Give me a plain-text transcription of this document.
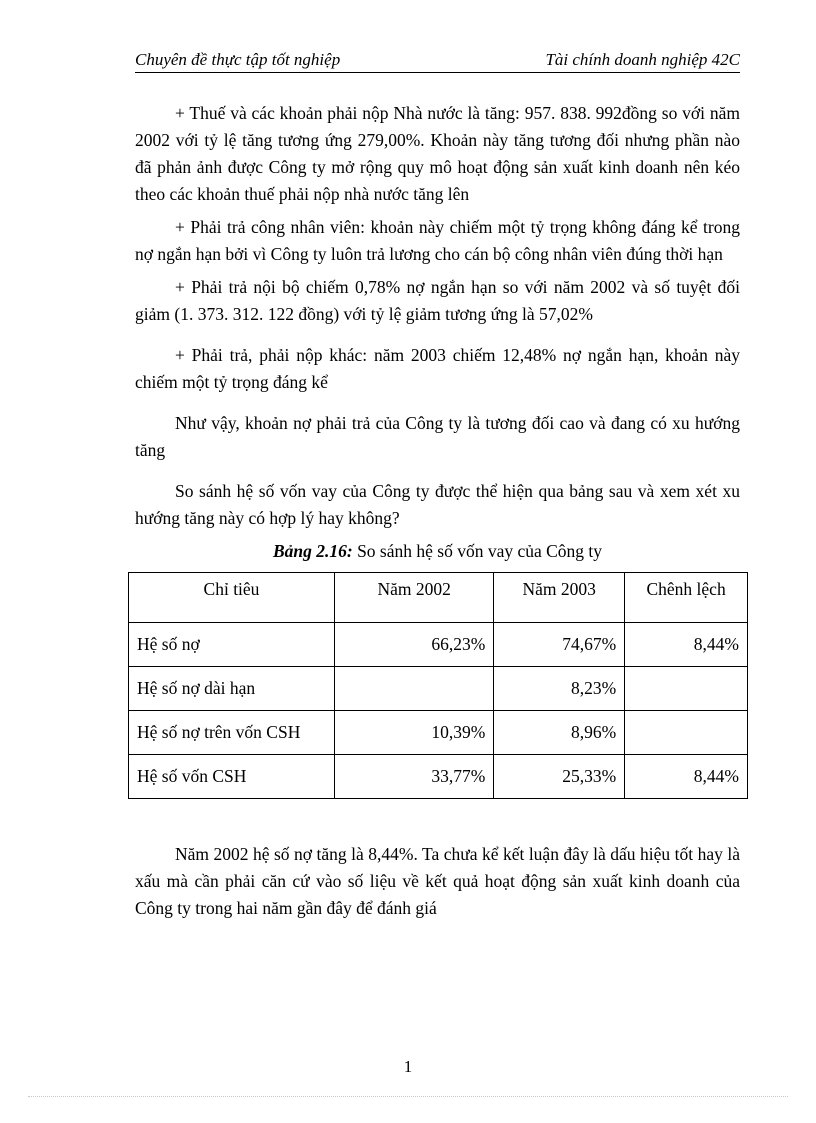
Chuyên đề thực tập tốt nghiệp	Tài chính doanh nghiệp 42C

+ Thuế và các khoản phải nộp Nhà nước là tăng: 957. 838. 992đồng so với năm 2002 với tỷ lệ tăng tương ứng 279,00%. Khoản này tăng tương đối nhưng phần nào đã phản ảnh được Công ty mở rộng quy mô hoạt động sản xuất kinh doanh nên kéo theo các khoản thuế phải nộp nhà nước tăng lên

+ Phải trả công nhân viên: khoản này chiếm một tỷ trọng không đáng kể trong nợ ngắn hạn bởi vì Công ty luôn trả lương cho cán bộ công nhân viên đúng thời hạn

+ Phải trả nội bộ chiếm 0,78% nợ ngắn hạn so với năm 2002 và số tuyệt đối giảm (1. 373. 312. 122 đồng) với tỷ lệ giảm tương ứng là 57,02%

+ Phải trả, phải nộp khác: năm 2003 chiếm 12,48% nợ ngắn hạn, khoản này chiếm một tỷ trọng đáng kể

Như vậy, khoản nợ phải trả của Công ty là tương đối cao và đang có xu hướng tăng

So sánh hệ số vốn vay của Công ty được thể hiện qua bảng sau và xem xét xu hướng tăng này có hợp lý hay không?

Bảng 2.16: So sánh hệ số vốn vay của Công ty
Chỉ tiêu	Năm 2002	Năm 2003	Chênh lệch
Hệ số nợ	66,23%	74,67%	8,44%
Hệ số nợ dài hạn		8,23%	
Hệ số nợ trên vốn CSH	10,39%	8,96%	
Hệ số vốn CSH	33,77%	25,33%	8,44%

Năm 2002 hệ số nợ tăng là 8,44%. Ta chưa kể kết luận đây là dấu hiệu tốt hay là xấu mà cần phải căn cứ vào số liệu về kết quả hoạt động sản xuất kinh doanh của Công ty trong hai năm gần đây để đánh giá

1
